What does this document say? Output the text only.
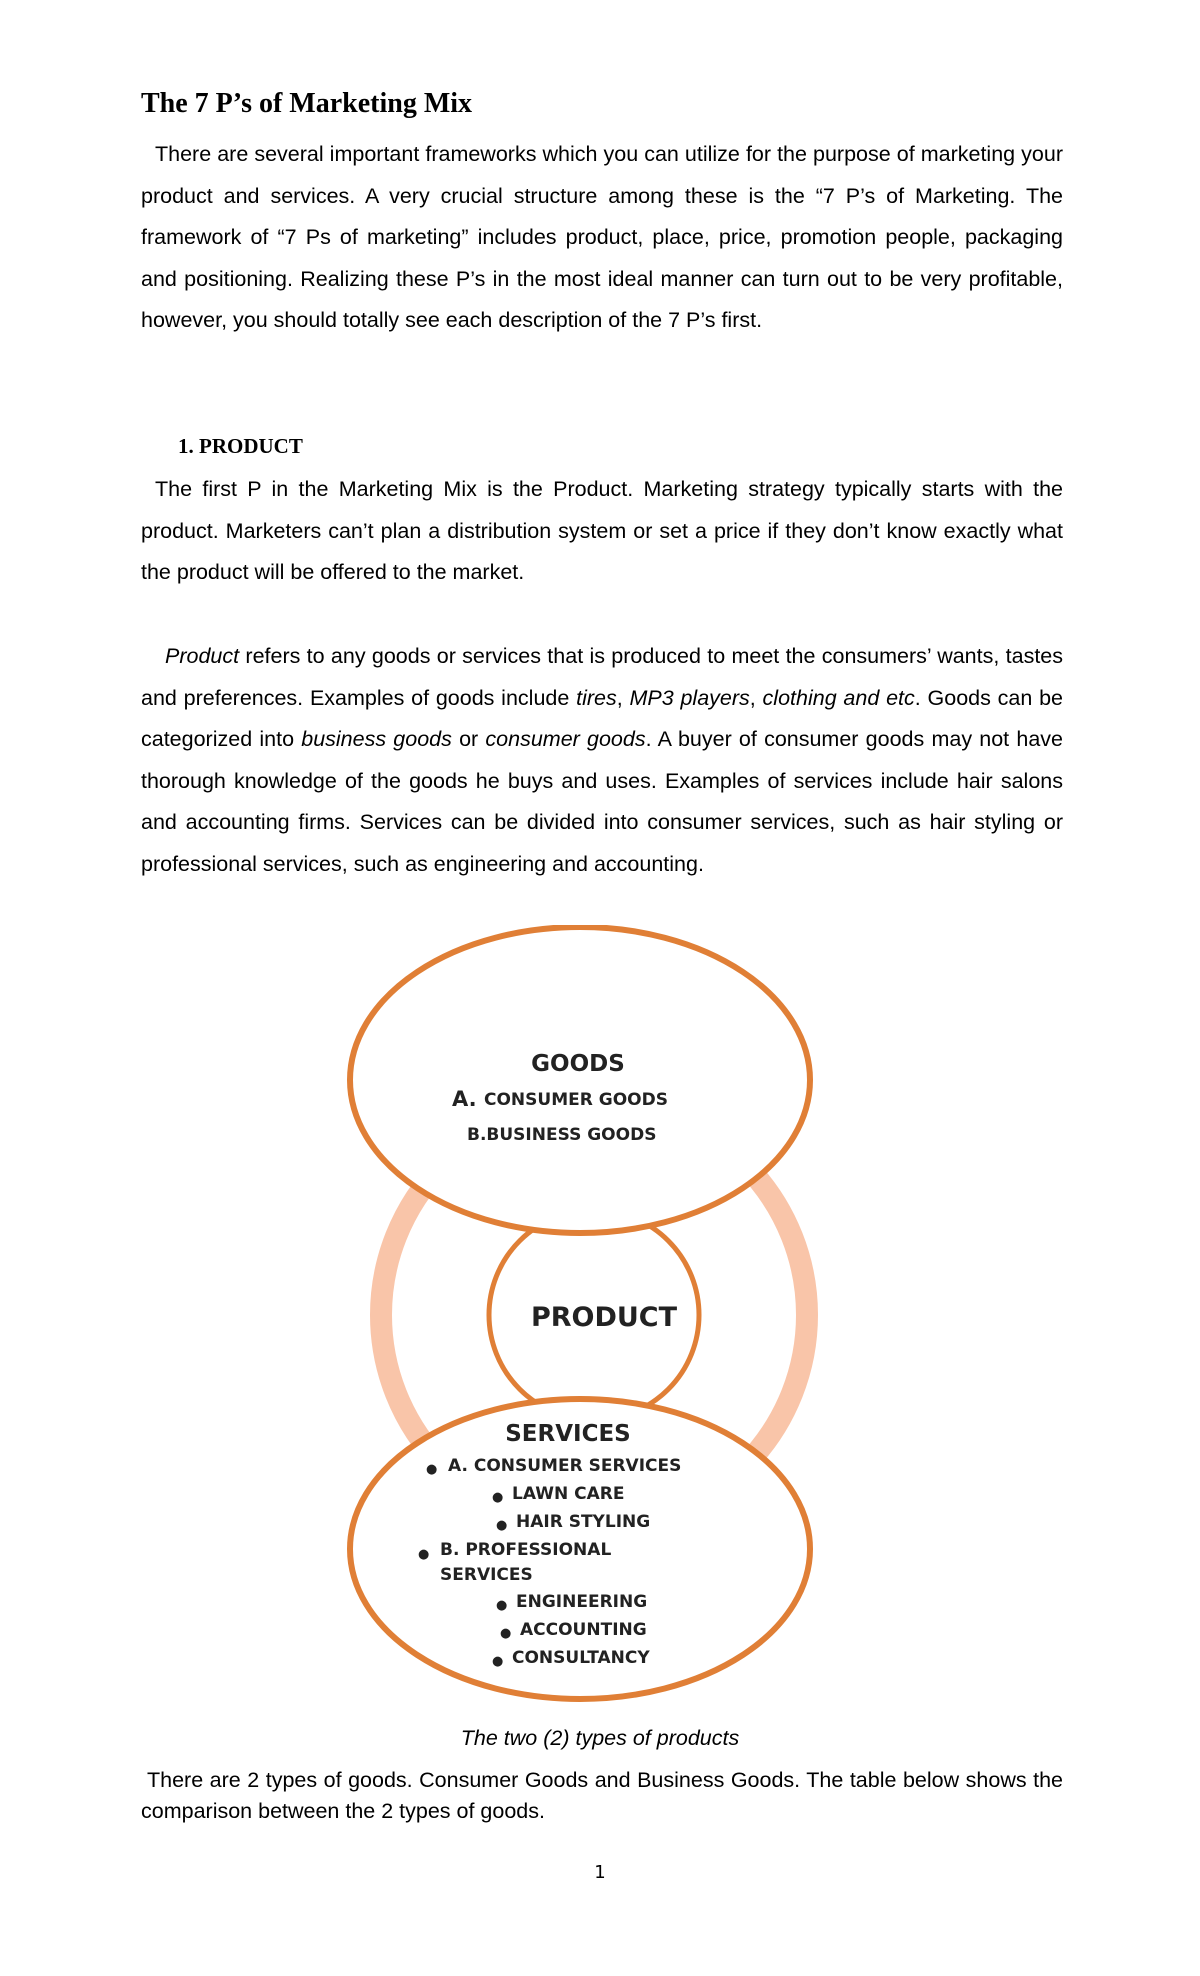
The 7 P’s of Marketing Mix

There are several important frameworks which you can utilize for the purpose of marketing your product and services. A very crucial structure among these is the “7 P’s of Marketing. The framework of “7 Ps of marketing” includes product, place, price, promotion people, packaging and positioning. Realizing these P’s in the most ideal manner can turn out to be very profitable, however, you should totally see each description of the 7 P’s first.

1. PRODUCT

The first P in the Marketing Mix is the Product. Marketing strategy typically starts with the product. Marketers can’t plan a distribution system or set a price if they don’t know exactly what the product will be offered to the market.

Product refers to any goods or services that is produced to meet the consumers’ wants, tastes and preferences. Examples of goods include tires, MP3 players, clothing and etc. Goods can be categorized into business goods or consumer goods. A buyer of consumer goods may not have thorough knowledge of the goods he buys and uses. Examples of services include hair salons and accounting firms. Services can be divided into consumer services, such as hair styling or professional services, such as engineering and accounting.

PRODUCT
GOODS
A. CONSUMER GOODS
B.BUSINESS GOODS
SERVICES
● A. CONSUMER SERVICES
● LAWN CARE
● HAIR STYLING
● B. PROFESSIONAL
SERVICES
● ENGINEERING
● ACCOUNTING
● CONSULTANCY

The two (2) types of products

There are 2 types of goods. Consumer Goods and Business Goods. The table below shows the comparison between the 2 types of goods.

1
